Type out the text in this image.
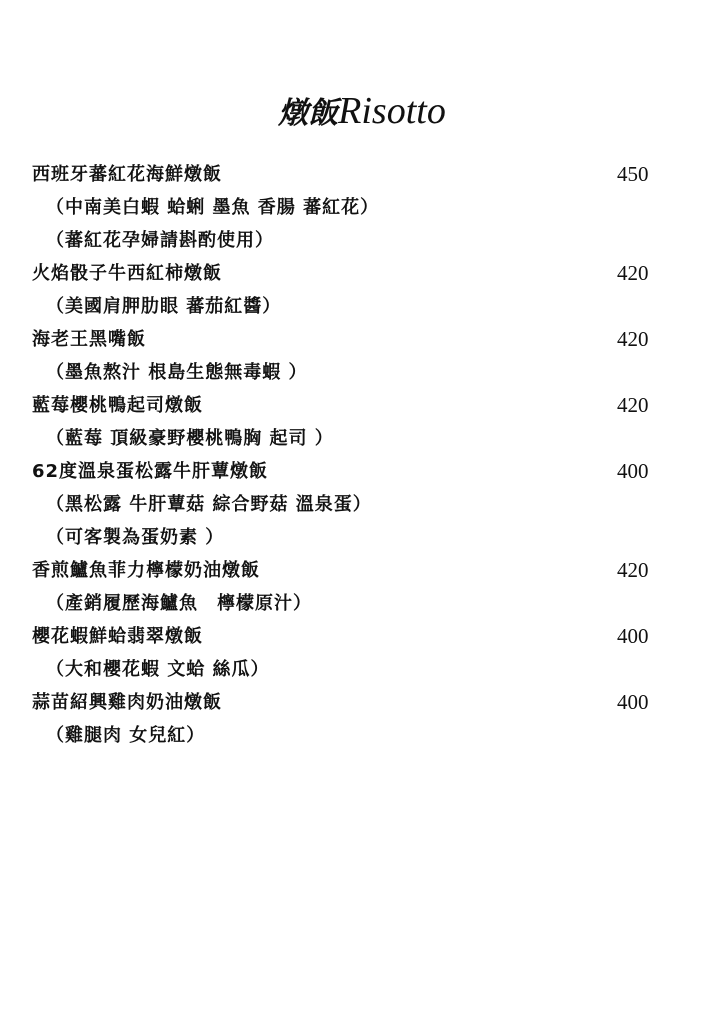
燉飯Risotto
西班牙蕃紅花海鮮燉飯	450
（中南美白蝦 蛤蜊 墨魚 香腸 蕃紅花）
（蕃紅花孕婦請斟酌使用）
火焰骰子牛西紅柿燉飯	420
（美國肩胛肋眼 蕃茄紅醬）
海老王黑嘴飯	420
（墨魚熬汁 根島生態無毒蝦 ）
藍莓櫻桃鴨起司燉飯	420
（藍莓 頂級豪野櫻桃鴨胸 起司 ）
62度溫泉蛋松露牛肝蕈燉飯	400
（黑松露 牛肝蕈菇 綜合野菇 溫泉蛋）
（可客製為蛋奶素 ）
香煎鱸魚菲力檸檬奶油燉飯	420
（產銷履歷海鱸魚　檸檬原汁）
櫻花蝦鮮蛤翡翠燉飯	400
（大和櫻花蝦 文蛤 絲瓜）
蒜苗紹興雞肉奶油燉飯	400
（雞腿肉 女兒紅）
